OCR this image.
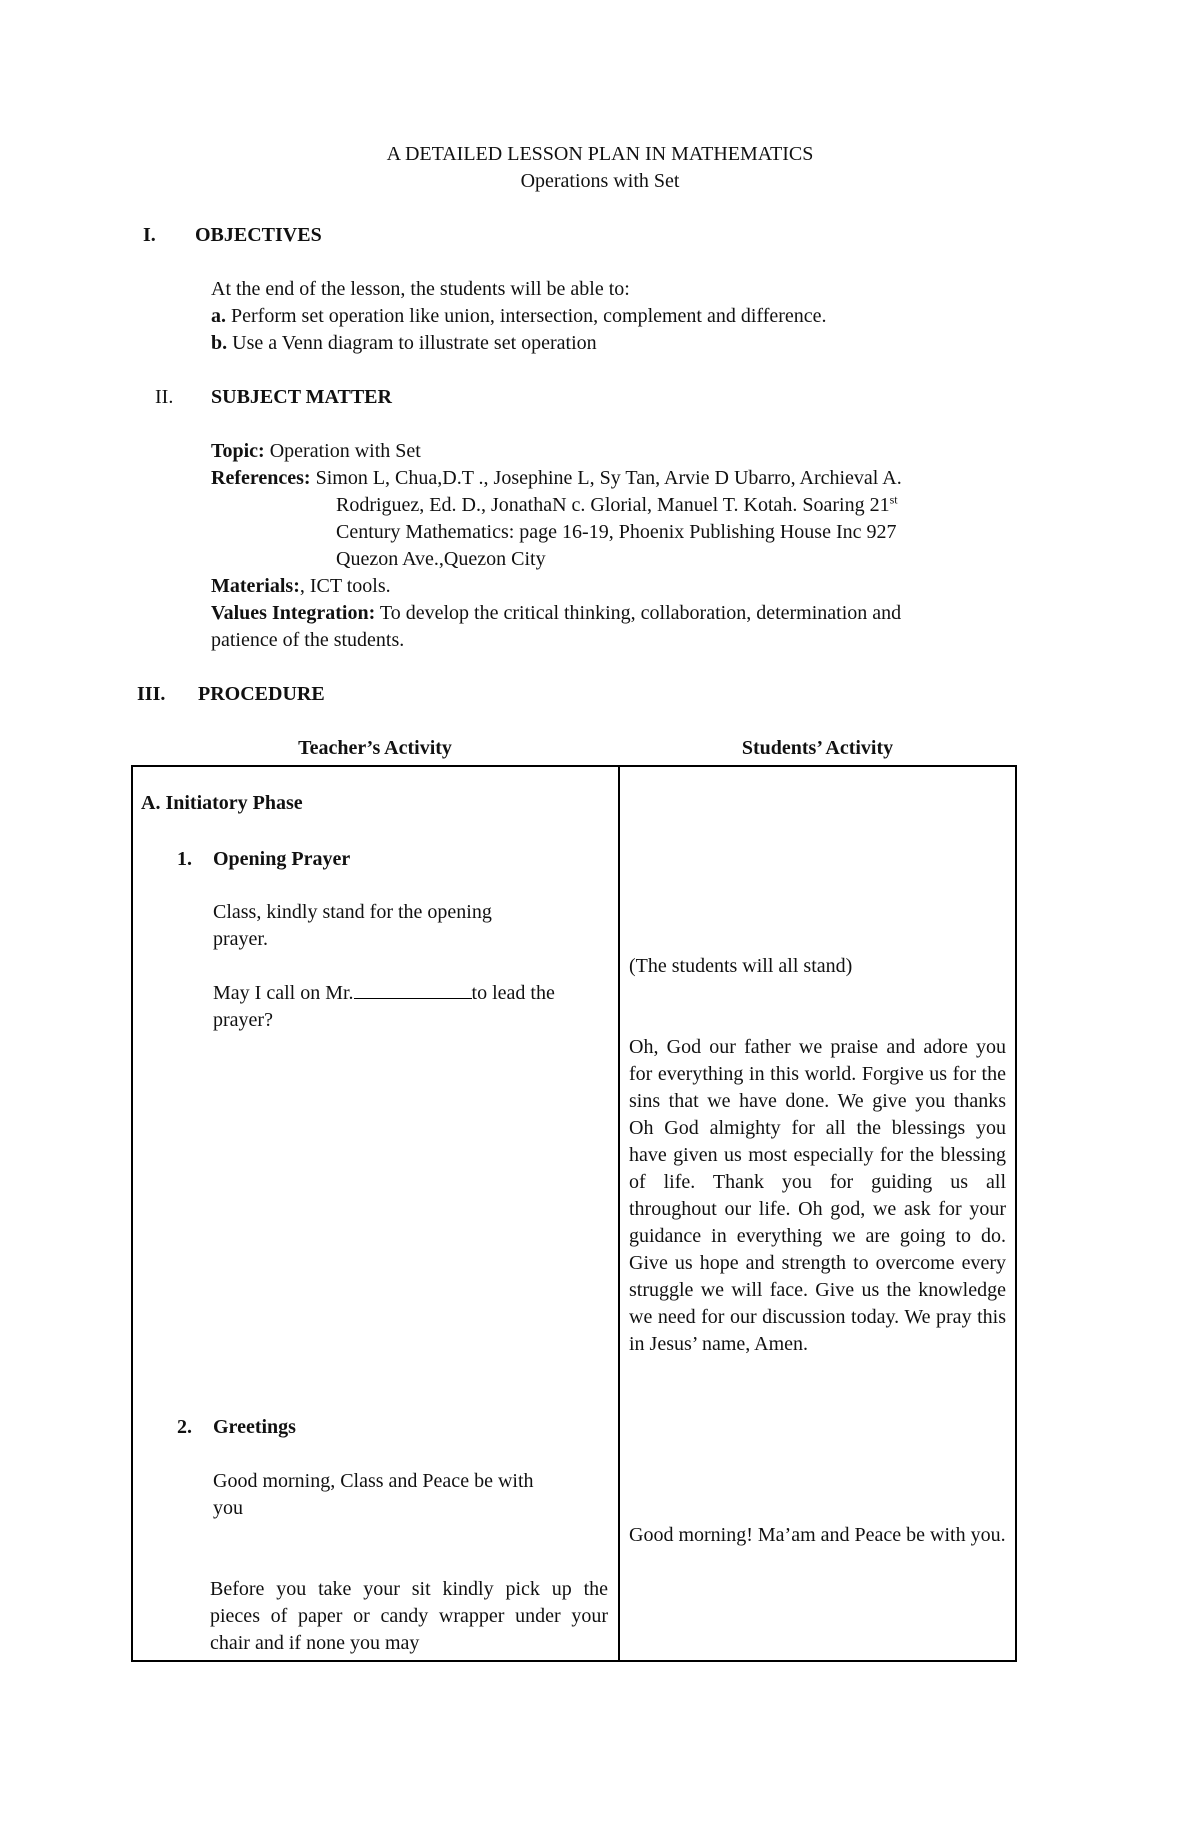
A DETAILED LESSON PLAN IN MATHEMATICS
Operations with Set
I. OBJECTIVES
At the end of the lesson, the students will be able to:
a. Perform set operation like union, intersection, complement and difference.
b. Use a Venn diagram to illustrate set operation
II. SUBJECT MATTER
Topic: Operation with Set
References: Simon L, Chua,D.T ., Josephine L, Sy Tan, Arvie D Ubarro, Archieval A.
Rodriguez, Ed. D., JonathaN c. Glorial, Manuel T. Kotah. Soaring 21st
Century Mathematics: page 16-19, Phoenix Publishing House Inc 927
Quezon Ave.,Quezon City
Materials:, ICT tools.
Values Integration: To develop the critical thinking, collaboration, determination and
patience of the students.
III. PROCEDURE
Teacher’s Activity	Students’ Activity
A. Initiatory Phase
1. Opening Prayer
Class, kindly stand for the opening
prayer.
May I call on Mr.	to lead the
prayer?
2. Greetings
Good morning, Class and Peace be with
you
Before you take your sit kindly pick up the pieces of paper or candy wrapper under your chair and if none you may
(The students will all stand)
Oh, God our father we praise and adore you for everything in this world. Forgive us for the sins that we have done. We give you thanks Oh God almighty for all the blessings you have given us most especially for the blessing of life. Thank you for guiding us all throughout our life. Oh god, we ask for your guidance in everything we are going to do. Give us hope and strength to overcome every struggle we will face. Give us the knowledge we need for our discussion today. We pray this in Jesus’ name, Amen.
Good morning! Ma’am and Peace be with you.
